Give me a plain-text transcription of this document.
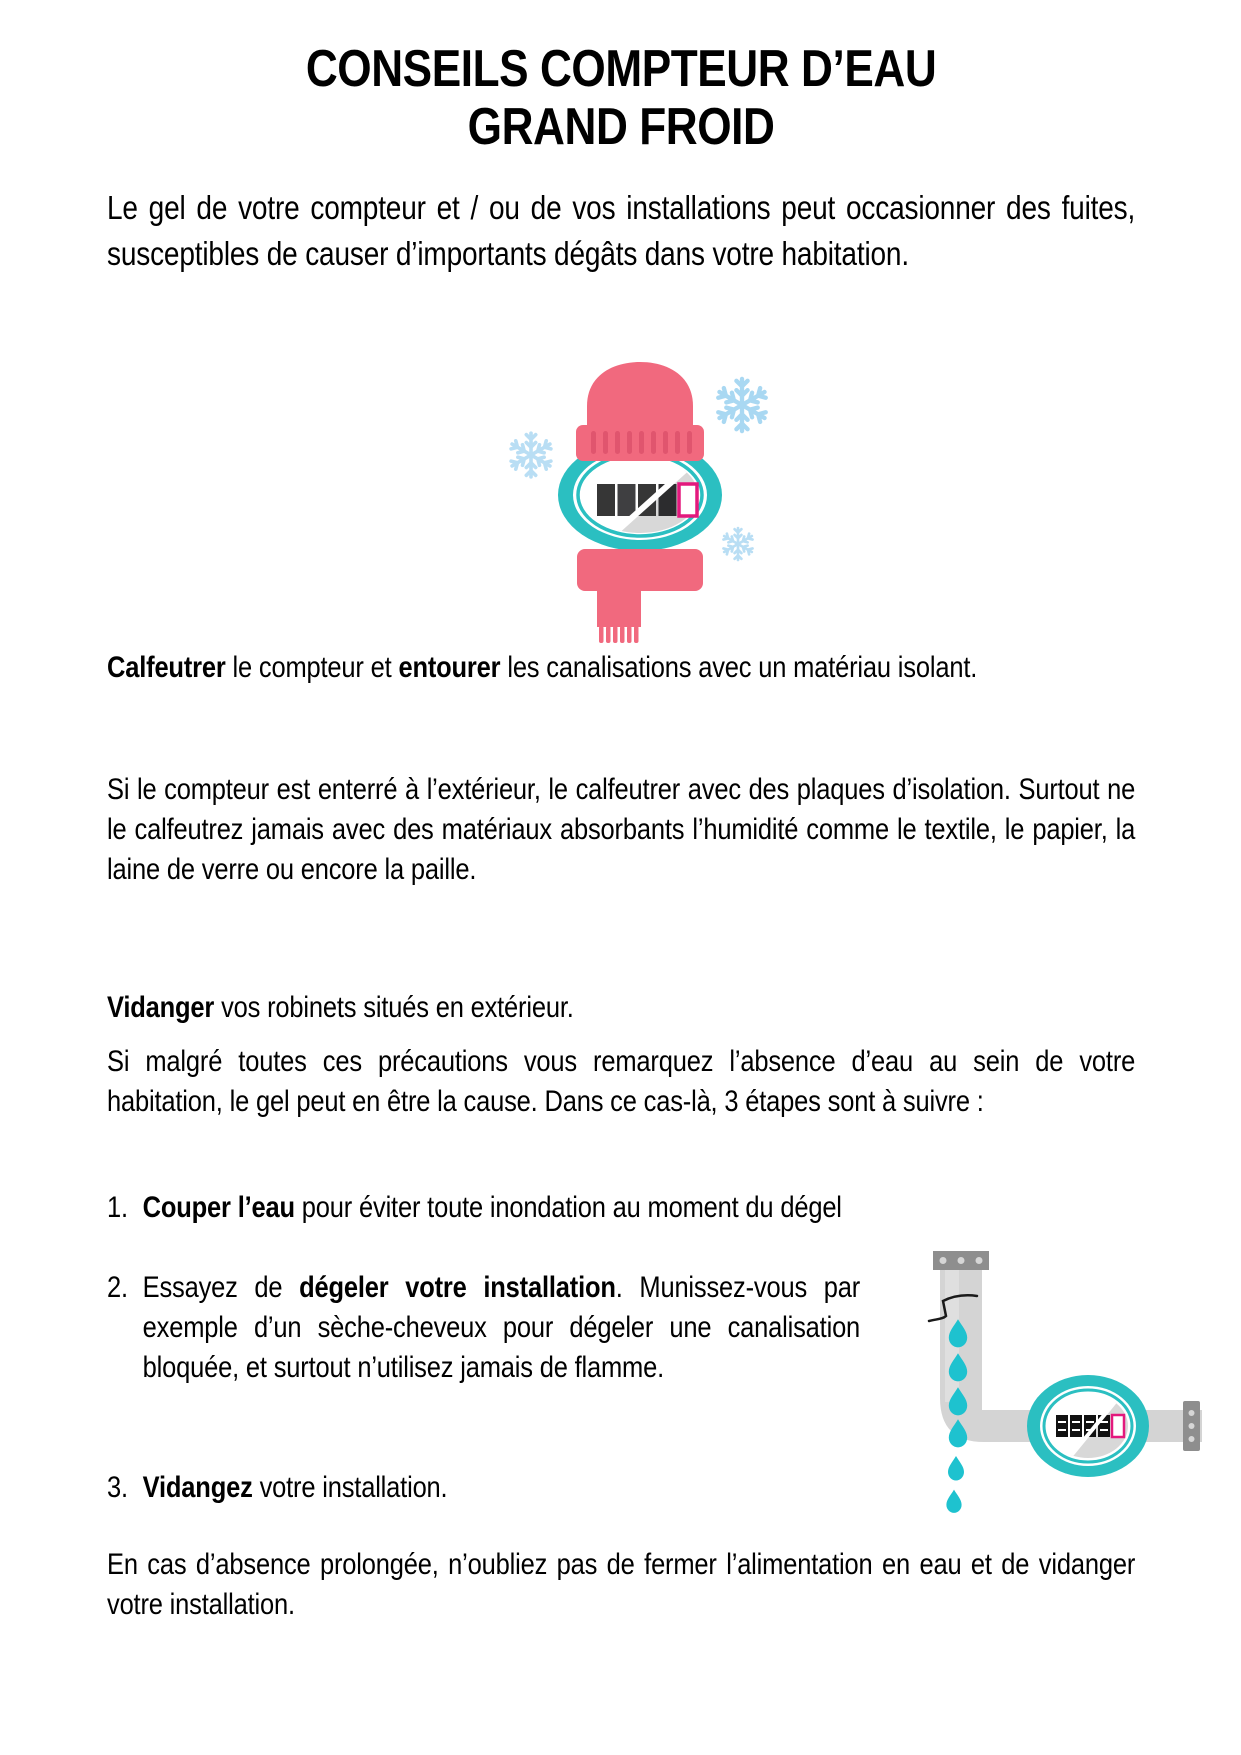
CONSEILS COMPTEUR D’EAU
GRAND FROID

Le gel de votre compteur et / ou de vos installations peut occasionner des fuites, susceptibles de causer d’importants dégâts dans votre habitation.

Calfeutrer le compteur et entourer les canalisations avec un matériau isolant.

Si le compteur est enterré à l’extérieur, le calfeutrer avec des plaques d’isolation. Surtout ne le calfeutrez jamais avec des matériaux absorbants l’humidité comme le textile, le papier, la laine de verre ou encore la paille.

Vidanger vos robinets situés en extérieur.

Si malgré toutes ces précautions vous remarquez l’absence d’eau au sein de votre habitation, le gel peut en être la cause. Dans ce cas-là, 3 étapes sont à suivre :

1. Couper l’eau pour éviter toute inondation au moment du dégel

2. Essayez de dégeler votre installation. Munissez-vous par exemple d’un sèche-cheveux pour dégeler une canalisation bloquée, et surtout n’utilisez jamais de flamme.

3. Vidangez votre installation.

En cas d’absence prolongée, n’oubliez pas de fermer l’alimentation en eau et de vidanger votre installation.
